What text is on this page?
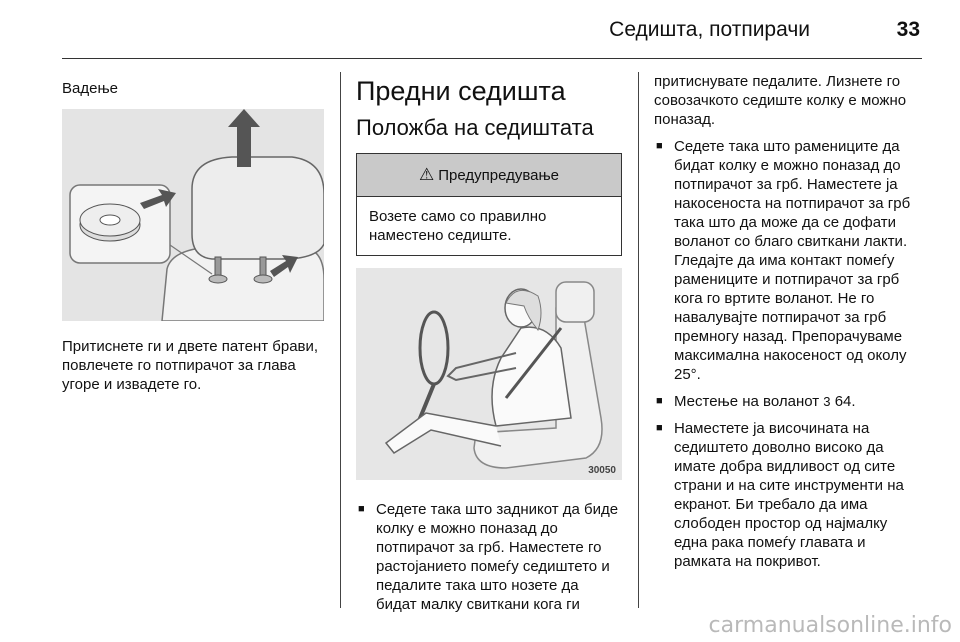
Седишта, потпирачи	33
Вадење

Притиснете ги и двете патент брави, повлечете го потпирачот за глава угоре и извадете го.

Предни седишта
Положба на седиштата
⚠ Предупредување
Возете само со правилно наместено седиште.
30050
■ Седете така што задникот да биде колку е можно поназад до потпирачот за грб. Наместете го растојанието помеѓу седиштето и педалите така што нозете да бидат малку свиткани кога ги

притиснувате педалите. Лизнете го совозачкото седиште колку е можно поназад.

■ Седете така што рамениците да бидат колку е можно поназад до потпирачот за грб. Наместете ја накосеноста на потпирачот за грб така што да може да се дофати воланот со благо свиткани лакти. Гледајте да има контакт помеѓу рамениците и потпирачот за грб кога го вртите воланот. Не го навалувајте потпирачот за грб премногу назад. Препорачуваме максимална накосеност од околу 25°.
■ Местење на воланот 3 64.
■ Наместете ја височината на седиштето доволно високо да имате добра видливост од сите страни и на сите инструменти на екранот. Би требало да има слободен простор од најмалку една рака помеѓу главата и рамката на покривот.
carmanualsonline.info
